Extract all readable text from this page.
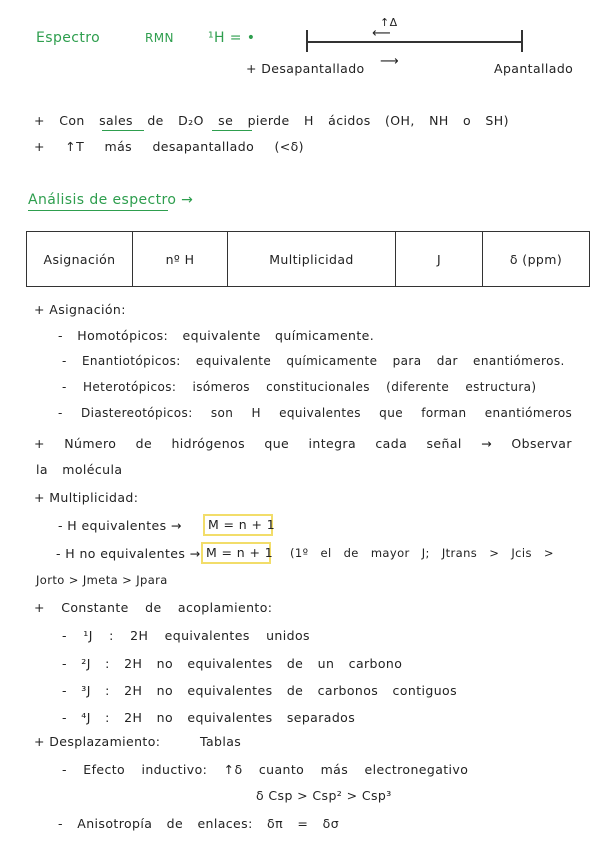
Espectro	RMN ¹H = •
↑Δ
⟵
⟶
+ Desapantallado	Apantallado
+ Con sales de D₂O se pierde H ácidos (OH, NH o SH)
+ ↑T más desapantallado (<δ)
Análisis de espectro →
Asignación	nº H	Multiplicidad	J	δ (ppm)
+ Asignación:
- Homotópicos: equivalente químicamente.
- Enantiotópicos: equivalente químicamente para dar enantiómeros.
- Heterotópicos: isómeros constitucionales (diferente estructura)
- Diastereotópicos: son H equivalentes que forman enantiómeros
+ Número de hidrógenos que integra cada señal → Observar
la molécula
+ Multiplicidad:
- H equivalentes → M = n + 1
- H no equivalentes → M = n + 1 (1º el de mayor J; Jtrans > Jcis >
Jorto > Jmeta > Jpara
+ Constante de acoplamiento:
- ¹J : 2H equivalentes unidos
- ²J : 2H no equivalentes de un carbono
- ³J : 2H no equivalentes de carbonos contiguos
- ⁴J : 2H no equivalentes separados
+ Desplazamiento:	Tablas
- Efecto inductivo: ↑δ cuanto más electronegativo
δ Csp > Csp² > Csp³
- Anisotropía de enlaces: δπ = δσ
